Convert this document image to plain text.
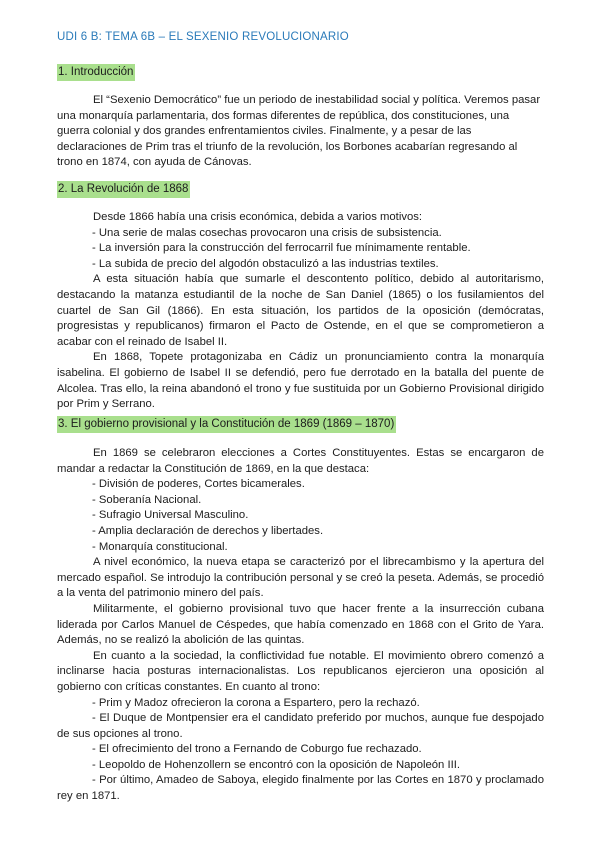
UDI 6 B: TEMA 6B – EL SEXENIO REVOLUCIONARIO
1. Introducción

El “Sexenio Democrático” fue un periodo de inestabilidad social y política. Veremos pasar una monarquía parlamentaria, dos formas diferentes de república, dos constituciones, una guerra colonial y dos grandes enfrentamientos civiles. Finalmente, y a pesar de las declaraciones de Prim tras el triunfo de la revolución, los Borbones acabarían regresando al trono en 1874, con ayuda de Cánovas.

2. La Revolución de 1868

Desde 1866 había una crisis económica, debida a varios motivos:

- Una serie de malas cosechas provocaron una crisis de subsistencia.

- La inversión para la construcción del ferrocarril fue mínimamente rentable.

- La subida de precio del algodón obstaculizó a las industrias textiles.

A esta situación había que sumarle el descontento político, debido al autoritarismo, destacando la matanza estudiantil de la noche de San Daniel (1865) o los fusilamientos del cuartel de San Gil (1866). En esta situación, los partidos de la oposición (demócratas, progresistas y republicanos) firmaron el Pacto de Ostende, en el que se comprometieron a acabar con el reinado de Isabel II.

En 1868, Topete protagonizaba en Cádiz un pronunciamiento contra la monarquía isabelina. El gobierno de Isabel II se defendió, pero fue derrotado en la batalla del puente de Alcolea. Tras ello, la reina abandonó el trono y fue sustituida por un Gobierno Provisional dirigido por Prim y Serrano.

3. El gobierno provisional y la Constitución de 1869 (1869 – 1870)

En 1869 se celebraron elecciones a Cortes Constituyentes. Estas se encargaron de mandar a redactar la Constitución de 1869, en la que destaca:

- División de poderes, Cortes bicamerales.

- Soberanía Nacional.

- Sufragio Universal Masculino.

- Amplia declaración de derechos y libertades.

- Monarquía constitucional.

A nivel económico, la nueva etapa se caracterizó por el librecambismo y la apertura del mercado español. Se introdujo la contribución personal y se creó la peseta. Además, se procedió a la venta del patrimonio minero del país.

Militarmente, el gobierno provisional tuvo que hacer frente a la insurrección cubana liderada por Carlos Manuel de Céspedes, que había comenzado en 1868 con el Grito de Yara. Además, no se realizó la abolición de las quintas.

En cuanto a la sociedad, la conflictividad fue notable. El movimiento obrero comenzó a inclinarse hacia posturas internacionalistas. Los republicanos ejercieron una oposición al gobierno con críticas constantes. En cuanto al trono:

- Prim y Madoz ofrecieron la corona a Espartero, pero la rechazó.

- El Duque de Montpensier era el candidato preferido por muchos, aunque fue despojado de sus opciones al trono.

- El ofrecimiento del trono a Fernando de Coburgo fue rechazado.

- Leopoldo de Hohenzollern se encontró con la oposición de Napoleón III.

- Por último, Amadeo de Saboya, elegido finalmente por las Cortes en 1870 y proclamado rey en 1871.
